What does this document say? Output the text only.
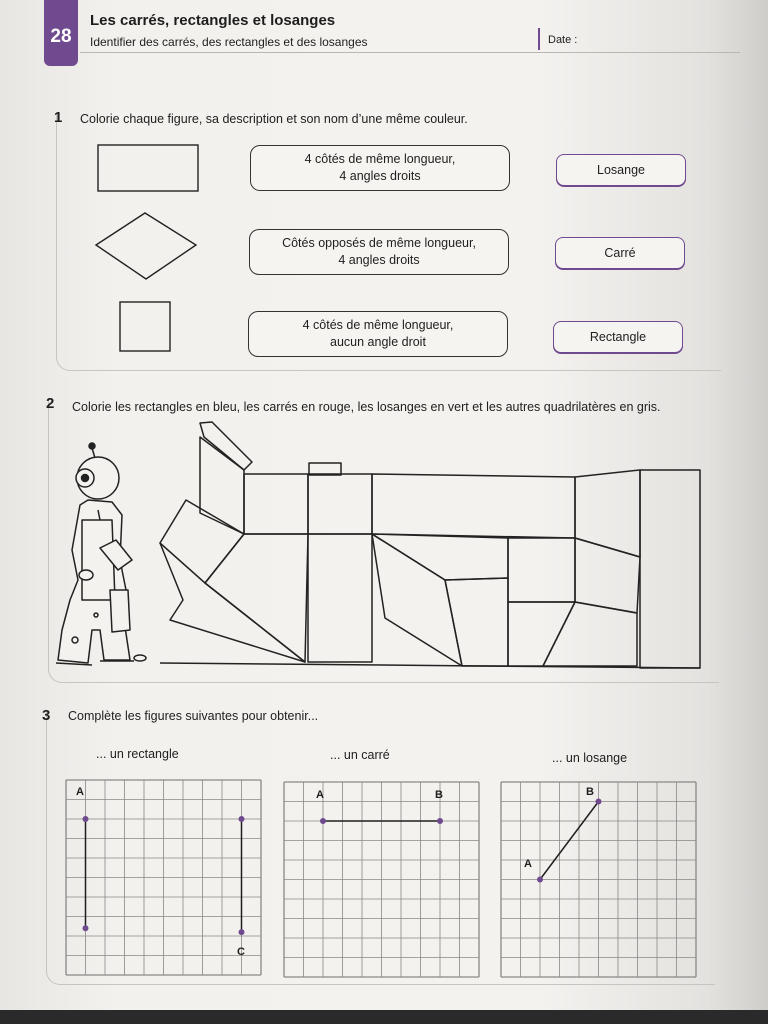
28
Les carrés, rectangles et losanges
Identifier des carrés, des rectangles et des losanges	Date :
1 Colorie chaque figure, sa description et son nom d’une même couleur.
4 côtés de même longueur,
4 angles droits
Côtés opposés de même longueur,
4 angles droits
4 côtés de même longueur,
aucun angle droit
Losange
Carré
Rectangle
2 Colorie les rectangles en bleu, les carrés en rouge, les losanges en vert et les autres quadrilatères en gris.
3 Complète les figures suivantes pour obtenir...
... un rectangle	... un carré	... un losange
A
C
A	B
A
B
